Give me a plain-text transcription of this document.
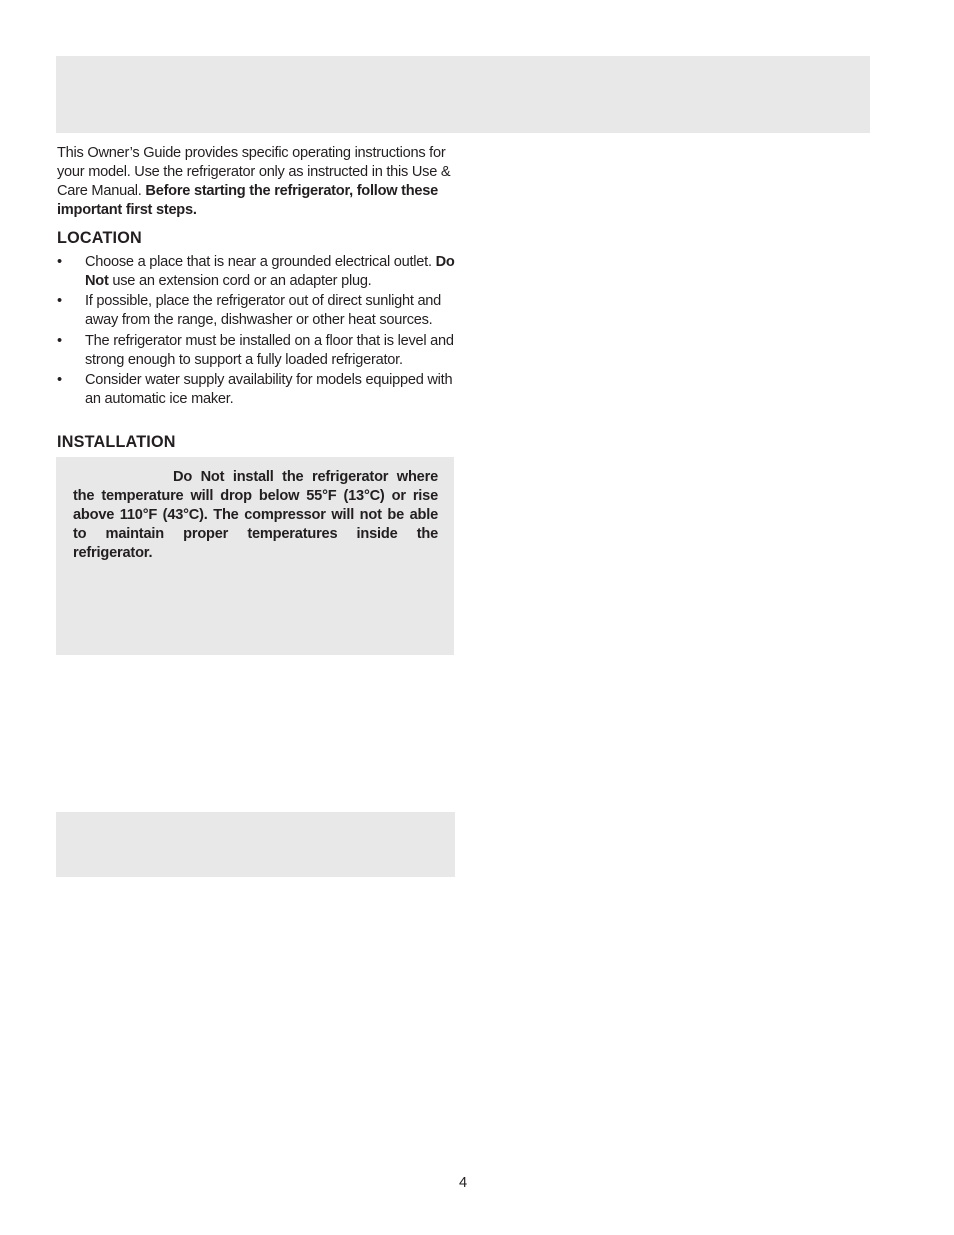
This Owner’s Guide provides specific operating instructions for your model. Use the refrigerator only as instructed in this Use & Care Manual. Before starting the refrigerator, follow these important first steps.

LOCATION
• Choose a place that is near a grounded electrical outlet. Do Not use an extension cord or an adapter plug.
• If possible, place the refrigerator out of direct sunlight and away from the range, dishwasher or other heat sources.
• The refrigerator must be installed on a floor that is level and strong enough to support a fully loaded refrigerator.
• Consider water supply availability for models equipped with an automatic ice maker.
INSTALLATION
Do Not install the refrigerator where the temperature will drop below 55°F (13°C) or rise above 110°F (43°C). The compressor will not be able to maintain proper temperatures inside the refrigerator.
4
